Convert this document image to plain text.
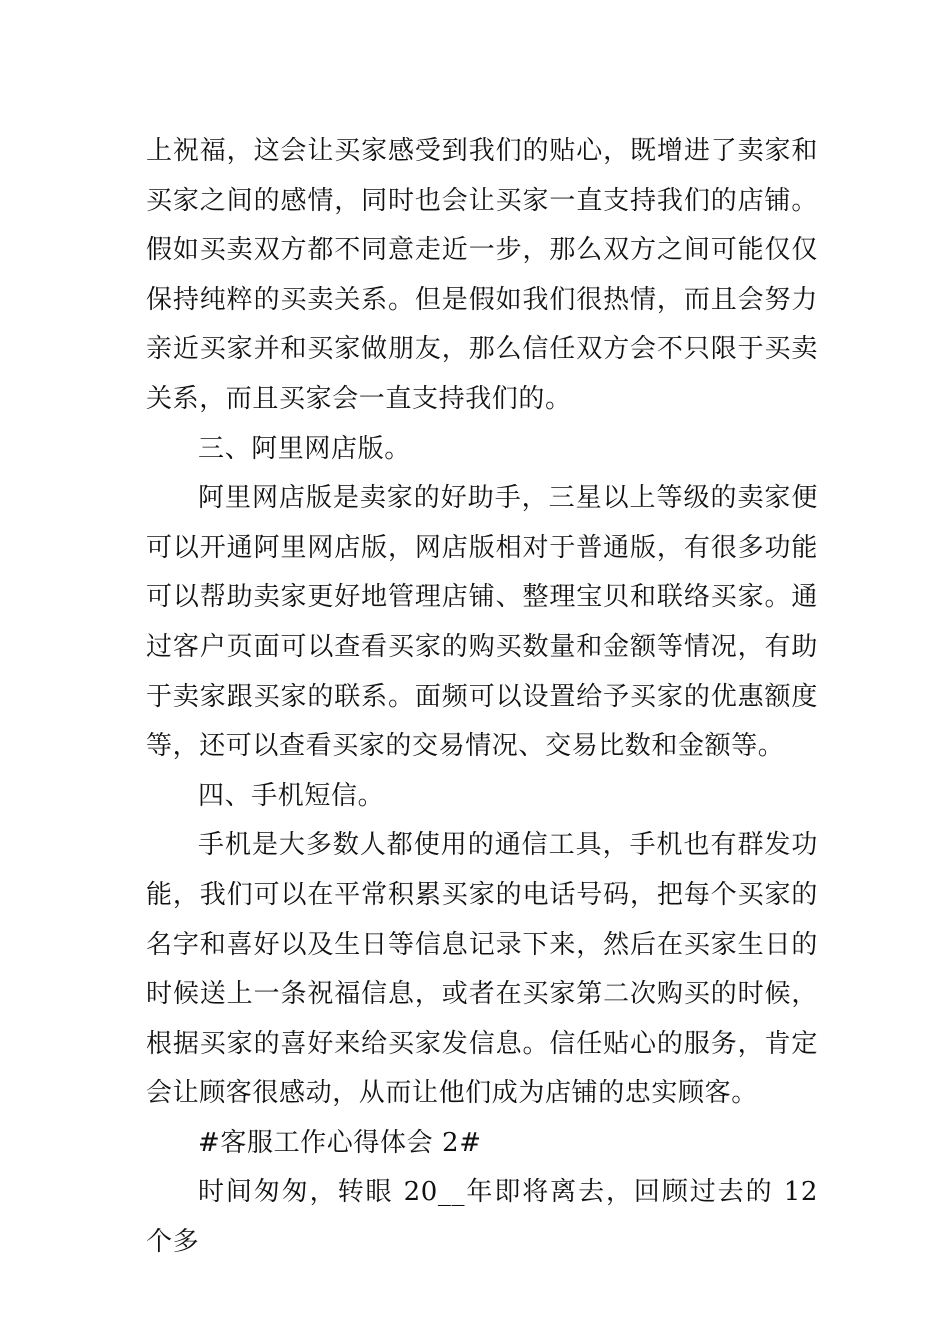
上祝福，这会让买家感受到我们的贴心，既增进了卖家和买家之间的感情，同时也会让买家一直支持我们的店铺。假如买卖双方都不同意走近一步，那么双方之间可能仅仅保持纯粹的买卖关系。但是假如我们很热情，而且会努力亲近买家并和买家做朋友，那么信任双方会不只限于买卖关系，而且买家会一直支持我们的。

三、阿里网店版。

阿里网店版是卖家的好助手，三星以上等级的卖家便可以开通阿里网店版，网店版相对于普通版，有很多功能可以帮助卖家更好地管理店铺、整理宝贝和联络买家。通过客户页面可以查看买家的购买数量和金额等情况，有助于卖家跟买家的联系。面频可以设置给予买家的优惠额度等，还可以查看买家的交易情况、交易比数和金额等。

四、手机短信。

手机是大多数人都使用的通信工具，手机也有群发功能，我们可以在平常积累买家的电话号码，把每个买家的名字和喜好以及生日等信息记录下来，然后在买家生日的时候送上一条祝福信息，或者在买家第二次购买的时候，根据买家的喜好来给买家发信息。信任贴心的服务，肯定会让顾客很感动，从而让他们成为店铺的忠实顾客。

#客服工作心得体会 2#

时间匆匆，转眼 20__年即将离去，回顾过去的 12 个多
